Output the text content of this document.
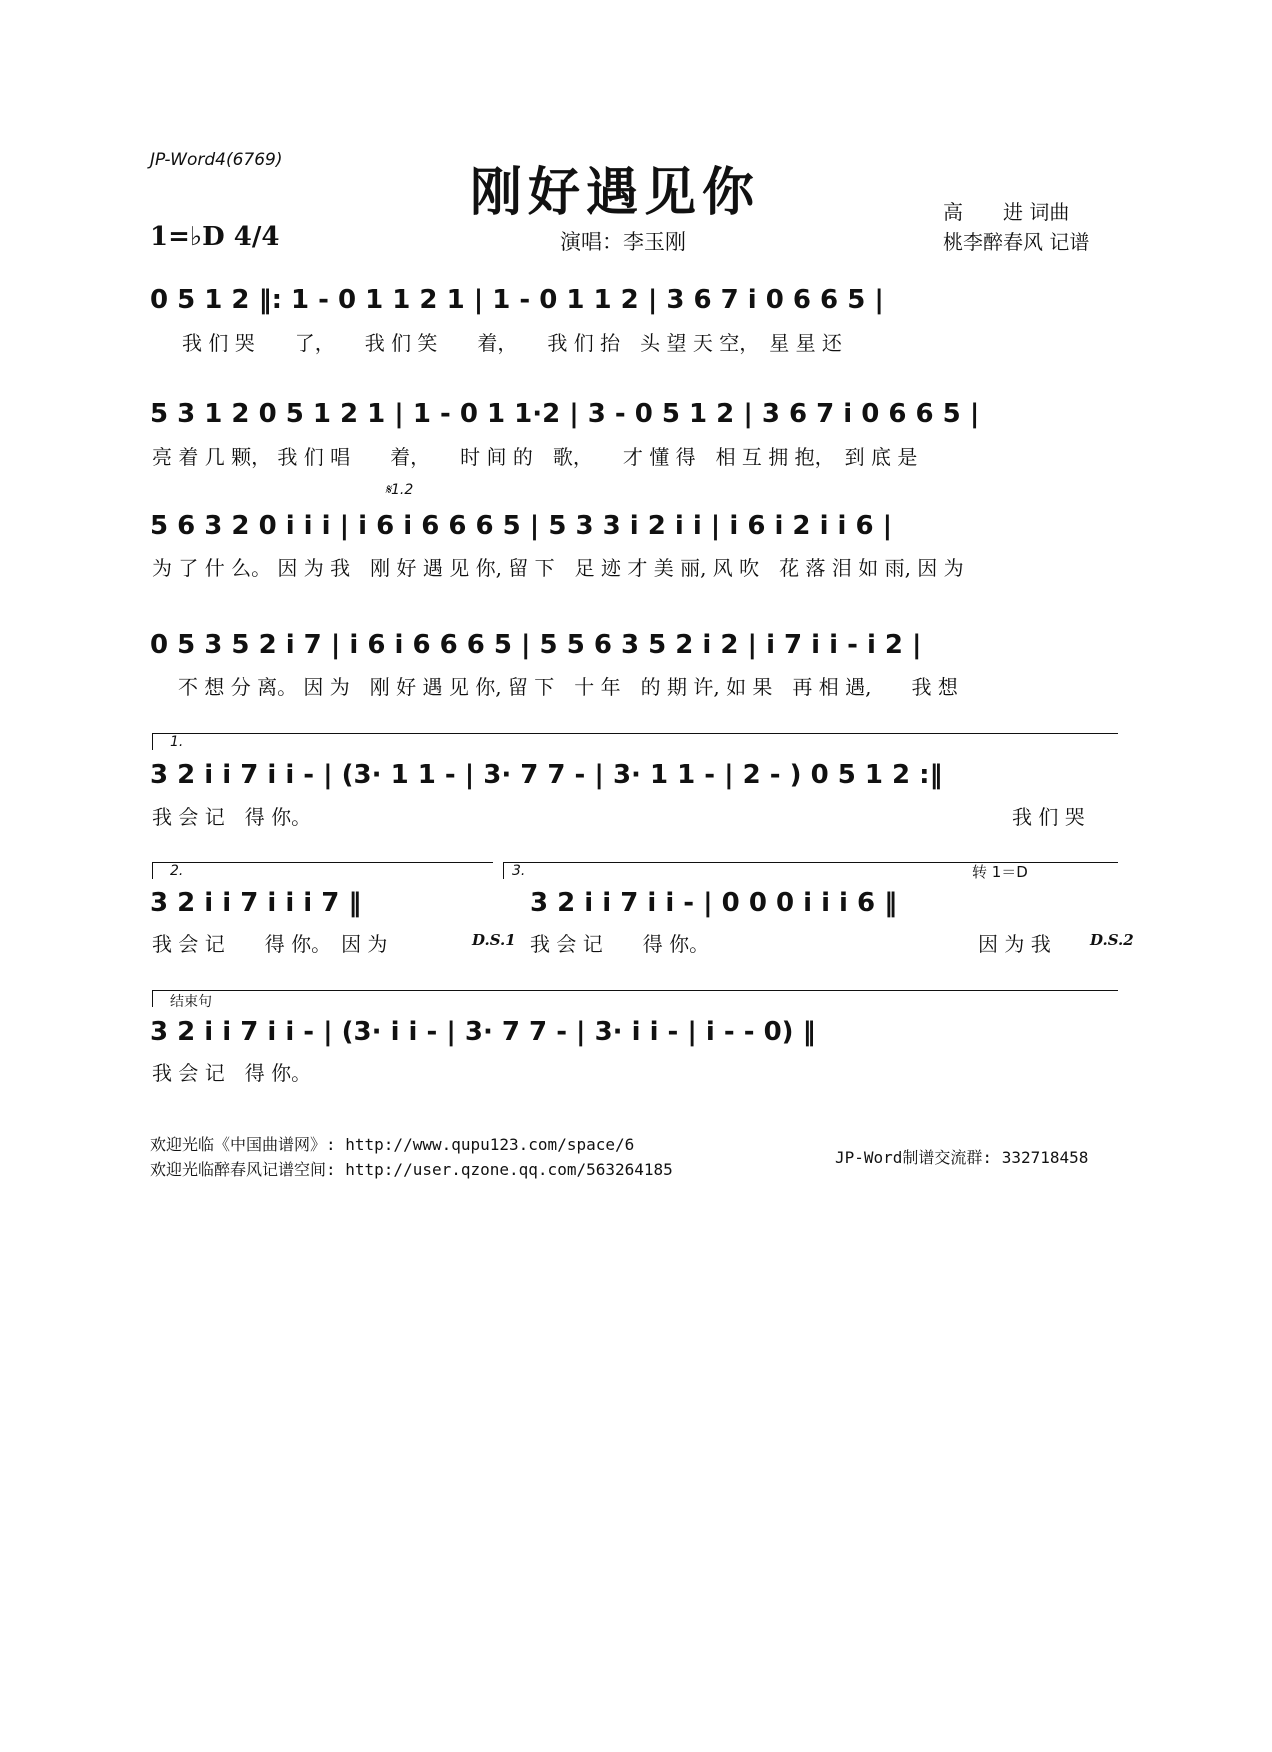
JP-Word4(6769)
刚好遇见你	高　　进 词曲
桃李醉春风 记谱
1=♭D 4/4	演唱：李玉刚
0 5 1 2 ‖: 1 - 0 1 1 2 1 | 1 - 0 1 1 2 | 3 6 7 i 0 6 6 5 |
我 们 哭　　了，　　我 们 笑　　着，　　我 们 抬　头 望 天 空，　星 星 还
5 3 1 2 0 5 1 2 1 | 1 - 0 1 1·2 | 3 - 0 5 1 2 | 3 6 7 i 0 6 6 5 |
亮 着 几 颗， 我 们 唱　　着，　　时 间 的　歌，　　才 懂 得　相 互 拥 抱，　到 底 是
𝄋1.2
5 6 3 2 0 i i i | i 6 i 6 6 6 5 | 5 3 3 i 2 i i | i 6 i 2 i i 6 |
为 了 什 么。 因 为 我　刚 好 遇 见 你, 留 下　足 迹 才 美 丽, 风 吹　花 落 泪 如 雨, 因 为
0 5 3 5 2 i 7 | i 6 i 6 6 6 5 | 5 5 6 3 5 2 i 2 | i 7 i i - i 2 |
不 想 分 离。 因 为　刚 好 遇 见 你, 留 下　十 年　的 期 许, 如 果　再 相 遇,　　我 想
1.
3 2 i i 7 i i - | (3· 1 1 - | 3· 7 7 - | 3· 1 1 - | 2 - ) 0 5 1 2 :‖
我 会 记　得 你。	我 们 哭
2.	3.	转 1＝D
3 2 i i 7 i i i 7 ‖	3 2 i i 7 i i - | 0 0 0 i i i 6 ‖
我 会 记　　得 你。　因 为	D.S.1 我 会 记　　得 你。	因 为 我	D.S.2
结束句
3 2 i i 7 i i - | (3· i i - | 3· 7 7 - | 3· i i - | i - - 0) ‖
我 会 记　得 你。
欢迎光临《中国曲谱网》: http://www.qupu123.com/space/6
欢迎光临醉春风记谱空间: http://user.qzone.qq.com/563264185
JP-Word制谱交流群: 332718458
